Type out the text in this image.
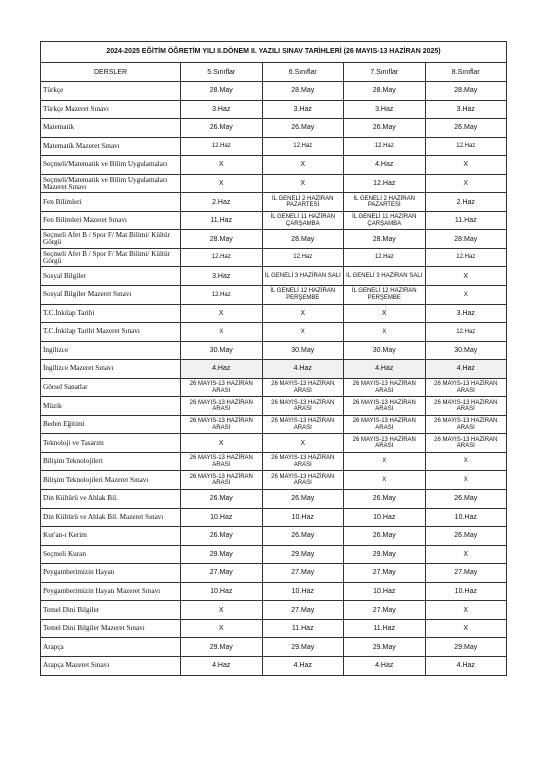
2024-2025 EĞİTİM ÖĞRETİM YILI II.DÖNEM II. YAZILI SINAV TARİHLERİ (26 MAYIS-13 HAZİRAN 2025)				
DERSLER	5.Sınıflar	6.Sınıflar	7.Sınıflar	8.Sınıflar
Türkçe	28.May	28.May	28.May	28.May
Türkçe Mazeret Sınavı	3.Haz	3.Haz	3.Haz	3.Haz
Matematik	26.May	26.May	26.May	26.May
Matematik Mazeret Sınavı	12.Haz	12.Haz	12.Haz	12.Haz
Seçmeli/Matematik ve Bilim Uygulamaları	X	X	4.Haz	X
Seçmeli/Matematik ve Bilim Uygulamaları Mazeret Sınavı	X	X	12.Haz	X
Fen Bilimleri	2.Haz	İL GENELİ 2 HAZİRAN PAZARTESİ	İL GENELİ 2 HAZİRAN PAZARTESİ	2.Haz
Fen Bilimleri Mazeret Sınavı	11.Haz	İL GENELİ 11 HAZİRAN ÇARŞAMBA	İL GENELİ 11 HAZİRAN ÇARŞAMBA	11.Haz
Seçmeli Afet B / Spor F/ Mat Bilimi/ Kültür Görgü	28.May	28.May	28.May	28.May
Seçmeli Afet B / Spor F/ Mat Bilimi/ Kültür Görgü	12.Haz	12.Haz	12.Haz	12.Haz
Sosyal Bilgiler	3.Haz	İL GENELİ 3 HAZİRAN SALI	İL GENELİ 3 HAZİRAN SALI	X
Sosyal Bilgiler Mazeret Sınavı	12.Haz	İL GENELİ 12 HAZİRAN PERŞEMBE	İL GENELİ 12 HAZİRAN PERŞEMBE	X
T.C.İnkilap Tarihi	X	X	X	3.Haz
T.C.İnkilap Tarihi Mazeret Sınavı	X	X	X	12.Haz
İngilizce	30.May	30.May	30.May	30.May
İngilizce Mazeret Sınavı	4.Haz	4.Haz	4.Haz	4.Haz
Görsel Sanatlar	26 MAYIS-13 HAZİRAN ARASI	26 MAYIS-13 HAZİRAN ARASI	26 MAYIS-13 HAZİRAN ARASI	26 MAYIS-13 HAZİRAN ARASI
Müzik	26 MAYIS-13 HAZİRAN ARASI	26 MAYIS-13 HAZİRAN ARASI	26 MAYIS-13 HAZİRAN ARASI	26 MAYIS-13 HAZİRAN ARASI
Beden Eğitimi	26 MAYIS-13 HAZİRAN ARASI	26 MAYIS-13 HAZİRAN ARASI	26 MAYIS-13 HAZİRAN ARASI	26 MAYIS-13 HAZİRAN ARASI
Teknoloji ve Tasarım	X	X	26 MAYIS-13 HAZİRAN ARASI	26 MAYIS-13 HAZİRAN ARASI
Bilişim Teknolojileri	26 MAYIS-13 HAZİRAN ARASI	26 MAYIS-13 HAZİRAN ARASI	X	X
Bilişim Teknolojileri Mazeret Sınavı	26 MAYIS-13 HAZİRAN ARASI	26 MAYIS-13 HAZİRAN ARASI	X	X
Din Kültürü ve Ahlak Bil.	26.May	26.May	26.May	26.May
Din Kültürü ve Ahlak Bil. Mazeret Sınavı	10.Haz	10.Haz	10.Haz	10.Haz
Kur'an-ı Kerim	26.May	26.May	26.May	26.May
Seçmeli Kuran	29.May	29.May	29.May	X
Peygamberimizin Hayatı	27.May	27.May	27.May	27.May
Peygamberimizin Hayatı Mazeret Sınavı	10.Haz	10.Haz	10.Haz	10.Haz
Temel Dini Bilgiler	X	27.May	27.May	X
Temel Dini Bilgiler Mazeret Sınavı	X	11.Haz	11.Haz	X
Arapça	29.May	29.May	29.May	29.May
Arapça Mazeret Sınavı	4.Haz	4.Haz	4.Haz	4.Haz
